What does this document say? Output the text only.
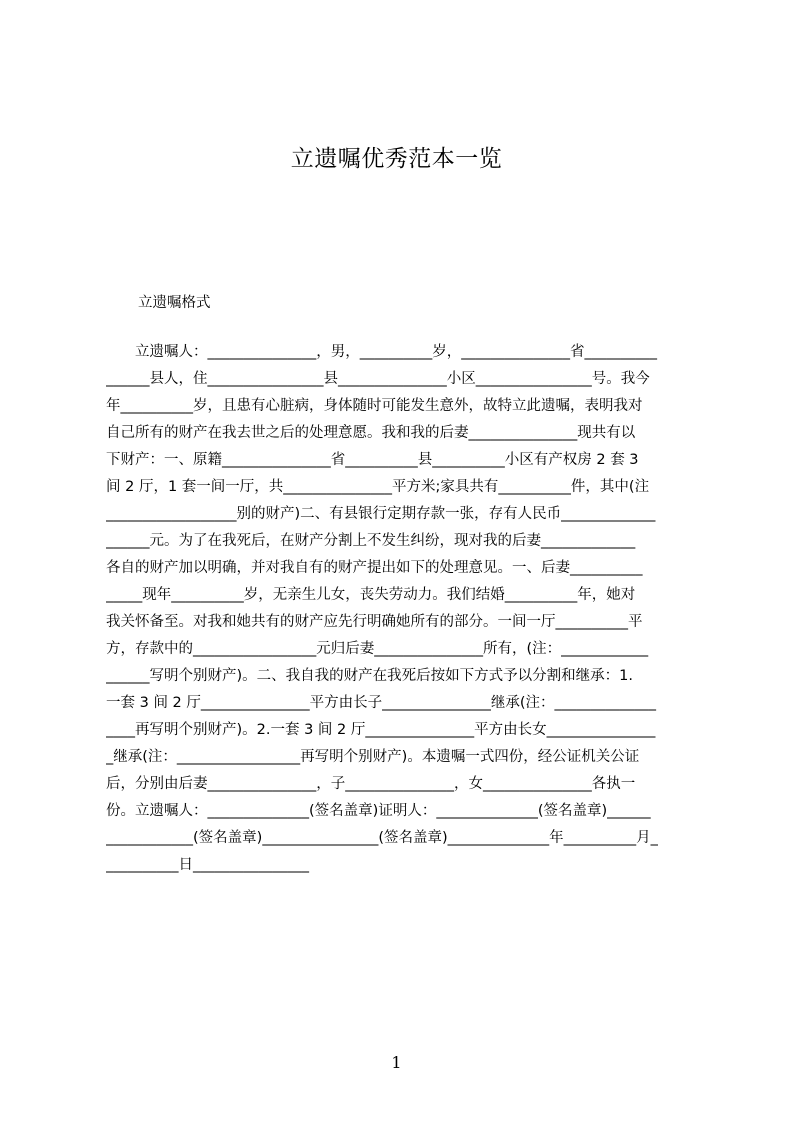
立遗嘱优秀范本一览
立遗嘱格式
　　立遗嘱人：_______________，男，__________岁，_______________省__________
______县人，住________________县_______________小区________________号。我今
年__________岁，且患有心脏病，身体随时可能发生意外，故特立此遗嘱，表明我对
自己所有的财产在我去世之后的处理意愿。我和我的后妻_______________现共有以
下财产：一、原籍_______________省__________县__________小区有产权房 2 套 3
间 2 厅，1 套一间一厅，共_______________平方米;家具共有__________件，其中(注
__________________别的财产)二、有县银行定期存款一张，存有人民币_____________
______元。为了在我死后，在财产分割上不发生纠纷，现对我的后妻_____________
各自的财产加以明确，并对我自有的财产提出如下的处理意见。一、后妻__________
_____现年__________岁，无亲生儿女，丧失劳动力。我们结婚__________年，她对
我关怀备至。对我和她共有的财产应先行明确她所有的部分。一间一厅__________平
方，存款中的_________________元归后妻_______________所有，(注：____________
______写明个别财产)。二、我自我的财产在我死后按如下方式予以分割和继承：1.
一套 3 间 2 厅_______________平方由长子_______________继承(注：______________
____再写明个别财产)。2.一套 3 间 2 厅_______________平方由长女_______________
_继承(注：_________________再写明个别财产)。本遗嘱一式四份，经公证机关公证
后，分别由后妻_______________，子_______________，女_______________各执一
份。立遗嘱人：______________(签名盖章)证明人：______________(签名盖章)______
____________(签名盖章)________________(签名盖章)______________年__________月_
__________日________________
1
